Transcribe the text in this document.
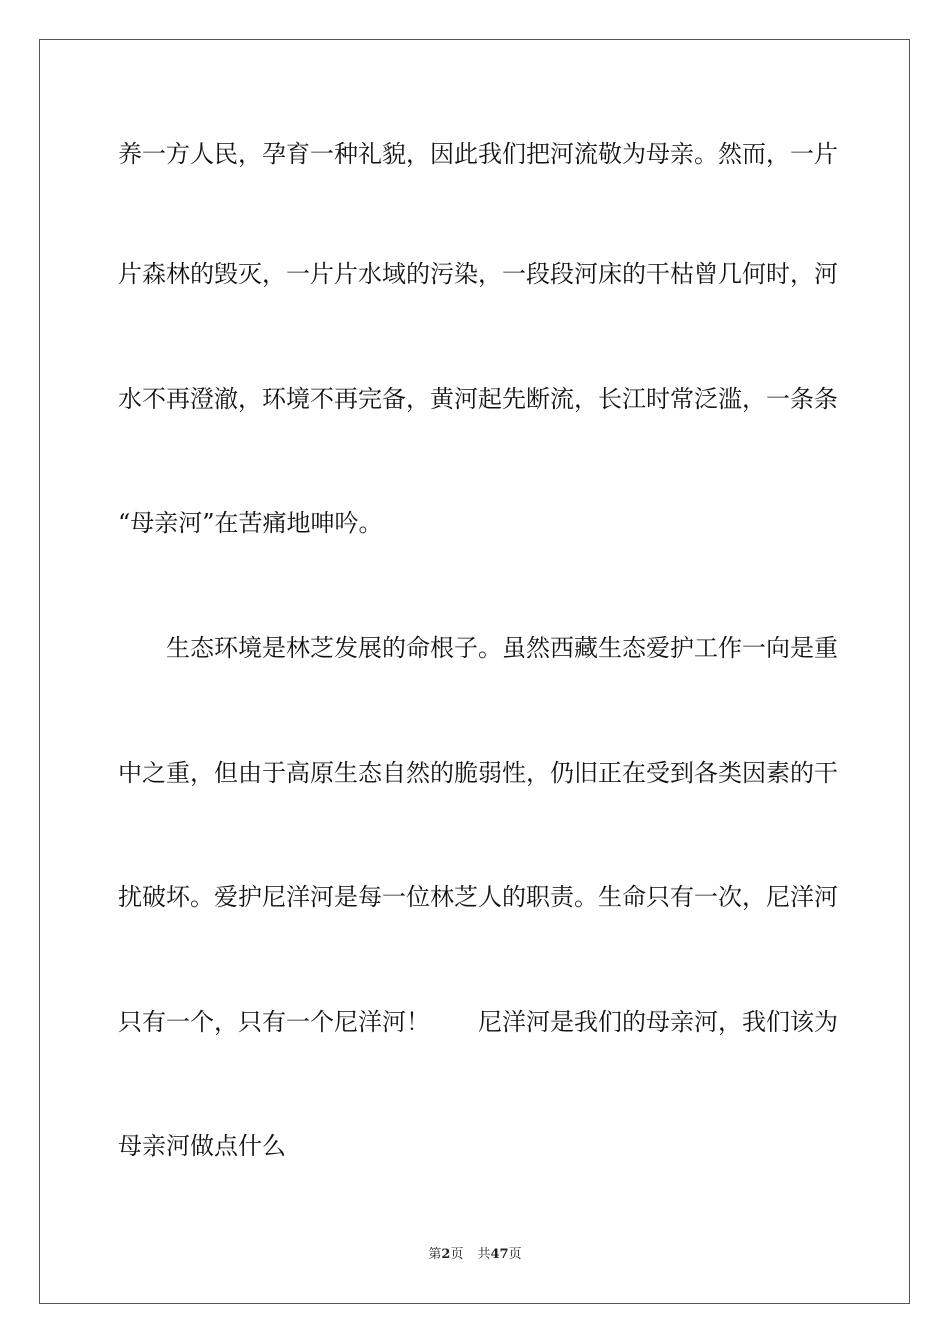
养一方人民，孕育一种礼貌，因此我们把河流敬为母亲。然而，一片
片森林的毁灭，一片片水域的污染，一段段河床的干枯曾几何时，河
水不再澄澈，环境不再完备，黄河起先断流，长江时常泛滥，一条条
“母亲河”在苦痛地呻吟。
　　生态环境是林芝发展的命根子。虽然西藏生态爱护工作一向是重
中之重，但由于高原生态自然的脆弱性，仍旧正在受到各类因素的干
扰破坏。爱护尼洋河是每一位林芝人的职责。生命只有一次，尼洋河
只有一个，只有一个尼洋河！　　尼洋河是我们的母亲河，我们该为
母亲河做点什么
第2页 共47页
